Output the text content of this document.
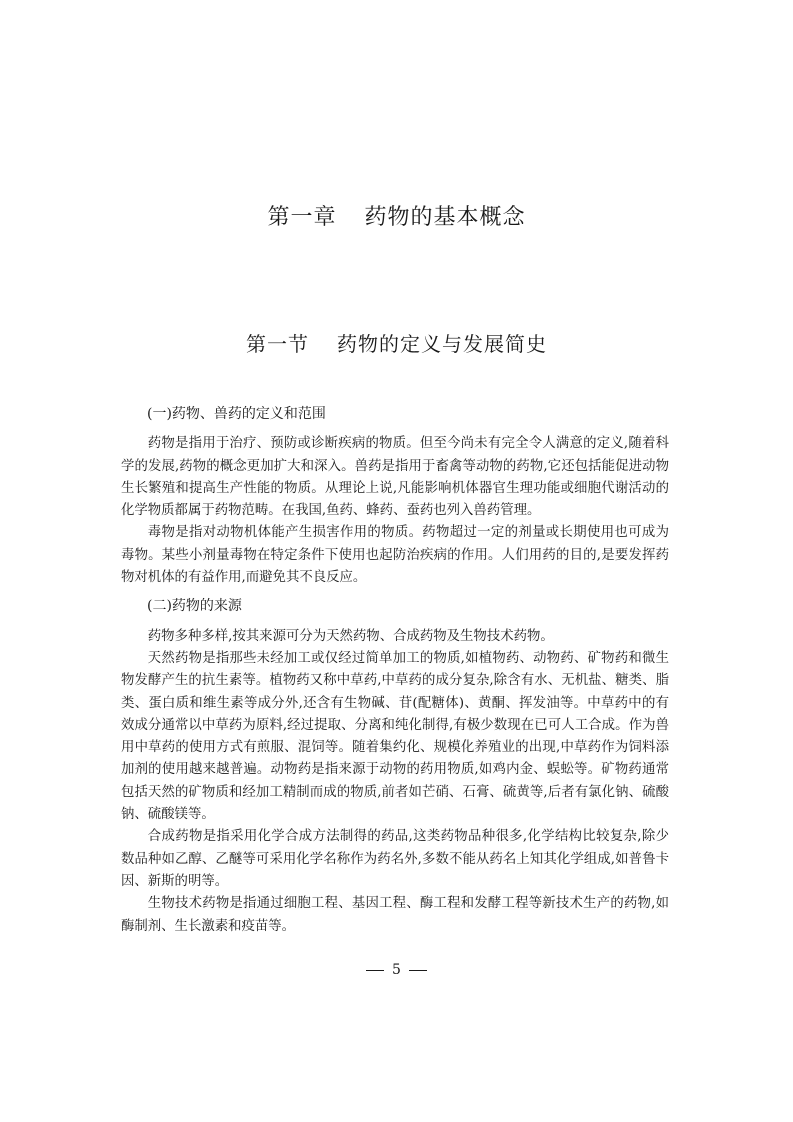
第一章 药物的基本概念
第一节 药物的定义与发展简史

(一)药物、兽药的定义和范围

药物是指用于治疗、预防或诊断疾病的物质。但至今尚未有完全令人满意的定义,随着科学的发展,药物的概念更加扩大和深入。兽药是指用于畜禽等动物的药物,它还包括能促进动物生长繁殖和提高生产性能的物质。从理论上说,凡能影响机体器官生理功能或细胞代谢活动的化学物质都属于药物范畴。在我国,鱼药、蜂药、蚕药也列入兽药管理。

毒物是指对动物机体能产生损害作用的物质。药物超过一定的剂量或长期使用也可成为毒物。某些小剂量毒物在特定条件下使用也起防治疾病的作用。人们用药的目的,是要发挥药物对机体的有益作用,而避免其不良反应。

(二)药物的来源

药物多种多样,按其来源可分为天然药物、合成药物及生物技术药物。

天然药物是指那些未经加工或仅经过简单加工的物质,如植物药、动物药、矿物药和微生物发酵产生的抗生素等。植物药又称中草药,中草药的成分复杂,除含有水、无机盐、糖类、脂类、蛋白质和维生素等成分外,还含有生物碱、苷(配糖体)、黄酮、挥发油等。中草药中的有效成分通常以中草药为原料,经过提取、分离和纯化制得,有极少数现在已可人工合成。作为兽用中草药的使用方式有煎服、混饲等。随着集约化、规模化养殖业的出现,中草药作为饲料添加剂的使用越来越普遍。动物药是指来源于动物的药用物质,如鸡内金、蜈蚣等。矿物药通常包括天然的矿物质和经加工精制而成的物质,前者如芒硝、石膏、硫黄等,后者有氯化钠、硫酸钠、硫酸镁等。

合成药物是指采用化学合成方法制得的药品,这类药物品种很多,化学结构比较复杂,除少数品种如乙醇、乙醚等可采用化学名称作为药名外,多数不能从药名上知其化学组成,如普鲁卡因、新斯的明等。

生物技术药物是指通过细胞工程、基因工程、酶工程和发酵工程等新技术生产的药物,如酶制剂、生长激素和疫苗等。

5
